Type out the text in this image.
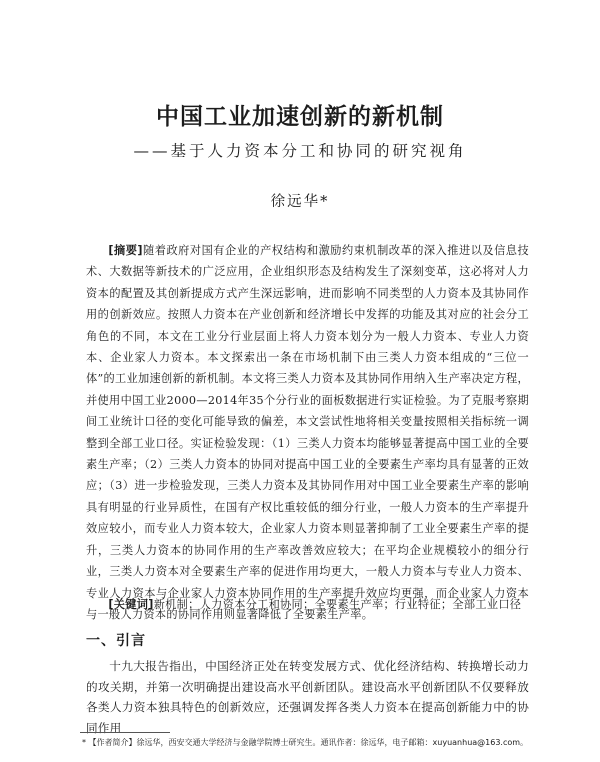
中国工业加速创新的新机制
——基于人力资本分工和协同的研究视角
徐远华*

[摘要]随着政府对国有企业的产权结构和激励约束机制改革的深入推进以及信息技术、大数据等新技术的广泛应用，企业组织形态及结构发生了深刻变革，这必将对人力资本的配置及其创新提成方式产生深远影响，进而影响不同类型的人力资本及其协同作用的创新效应。按照人力资本在产业创新和经济增长中发挥的功能及其对应的社会分工角色的不同，本文在工业分行业层面上将人力资本划分为一般人力资本、专业人力资本、企业家人力资本。本文探索出一条在市场机制下由三类人力资本组成的“三位一体”的工业加速创新的新机制。本文将三类人力资本及其协同作用纳入生产率决定方程，并使用中国工业2000—2014年35个分行业的面板数据进行实证检验。为了克服考察期间工业统计口径的变化可能导致的偏差，本文尝试性地将相关变量按照相关指标统一调整到全部工业口径。实证检验发现：（1）三类人力资本均能够显著提高中国工业的全要素生产率；（2）三类人力资本的协同对提高中国工业的全要素生产率均具有显著的正效应；（3）进一步检验发现，三类人力资本及其协同作用对中国工业全要素生产率的影响具有明显的行业异质性，在国有产权比重较低的细分行业，一般人力资本的生产率提升效应较小，而专业人力资本较大，企业家人力资本则显著抑制了工业全要素生产率的提升，三类人力资本的协同作用的生产率改善效应较大；在平均企业规模较小的细分行业，三类人力资本对全要素生产率的促进作用均更大，一般人力资本与专业人力资本、专业人力资本与企业家人力资本协同作用的生产率提升效应均更强，而企业家人力资本与一般人力资本的协同作用则显著降低了全要素生产率。

[关键词]新机制；人力资本分工和协同；全要素生产率；行业特征；全部工业口径

一、引言

十九大报告指出，中国经济正处在转变发展方式、优化经济结构、转换增长动力的攻关期，并第一次明确提出建设高水平创新团队。建设高水平创新团队不仅要释放各类人力资本独具特色的创新效应，还强调发挥各类人力资本在提高创新能力中的协同作用

* 【作者简介】徐远华，西安交通大学经济与金融学院博士研究生。通讯作者：徐远华，电子邮箱：xuyuanhua@163.com。
